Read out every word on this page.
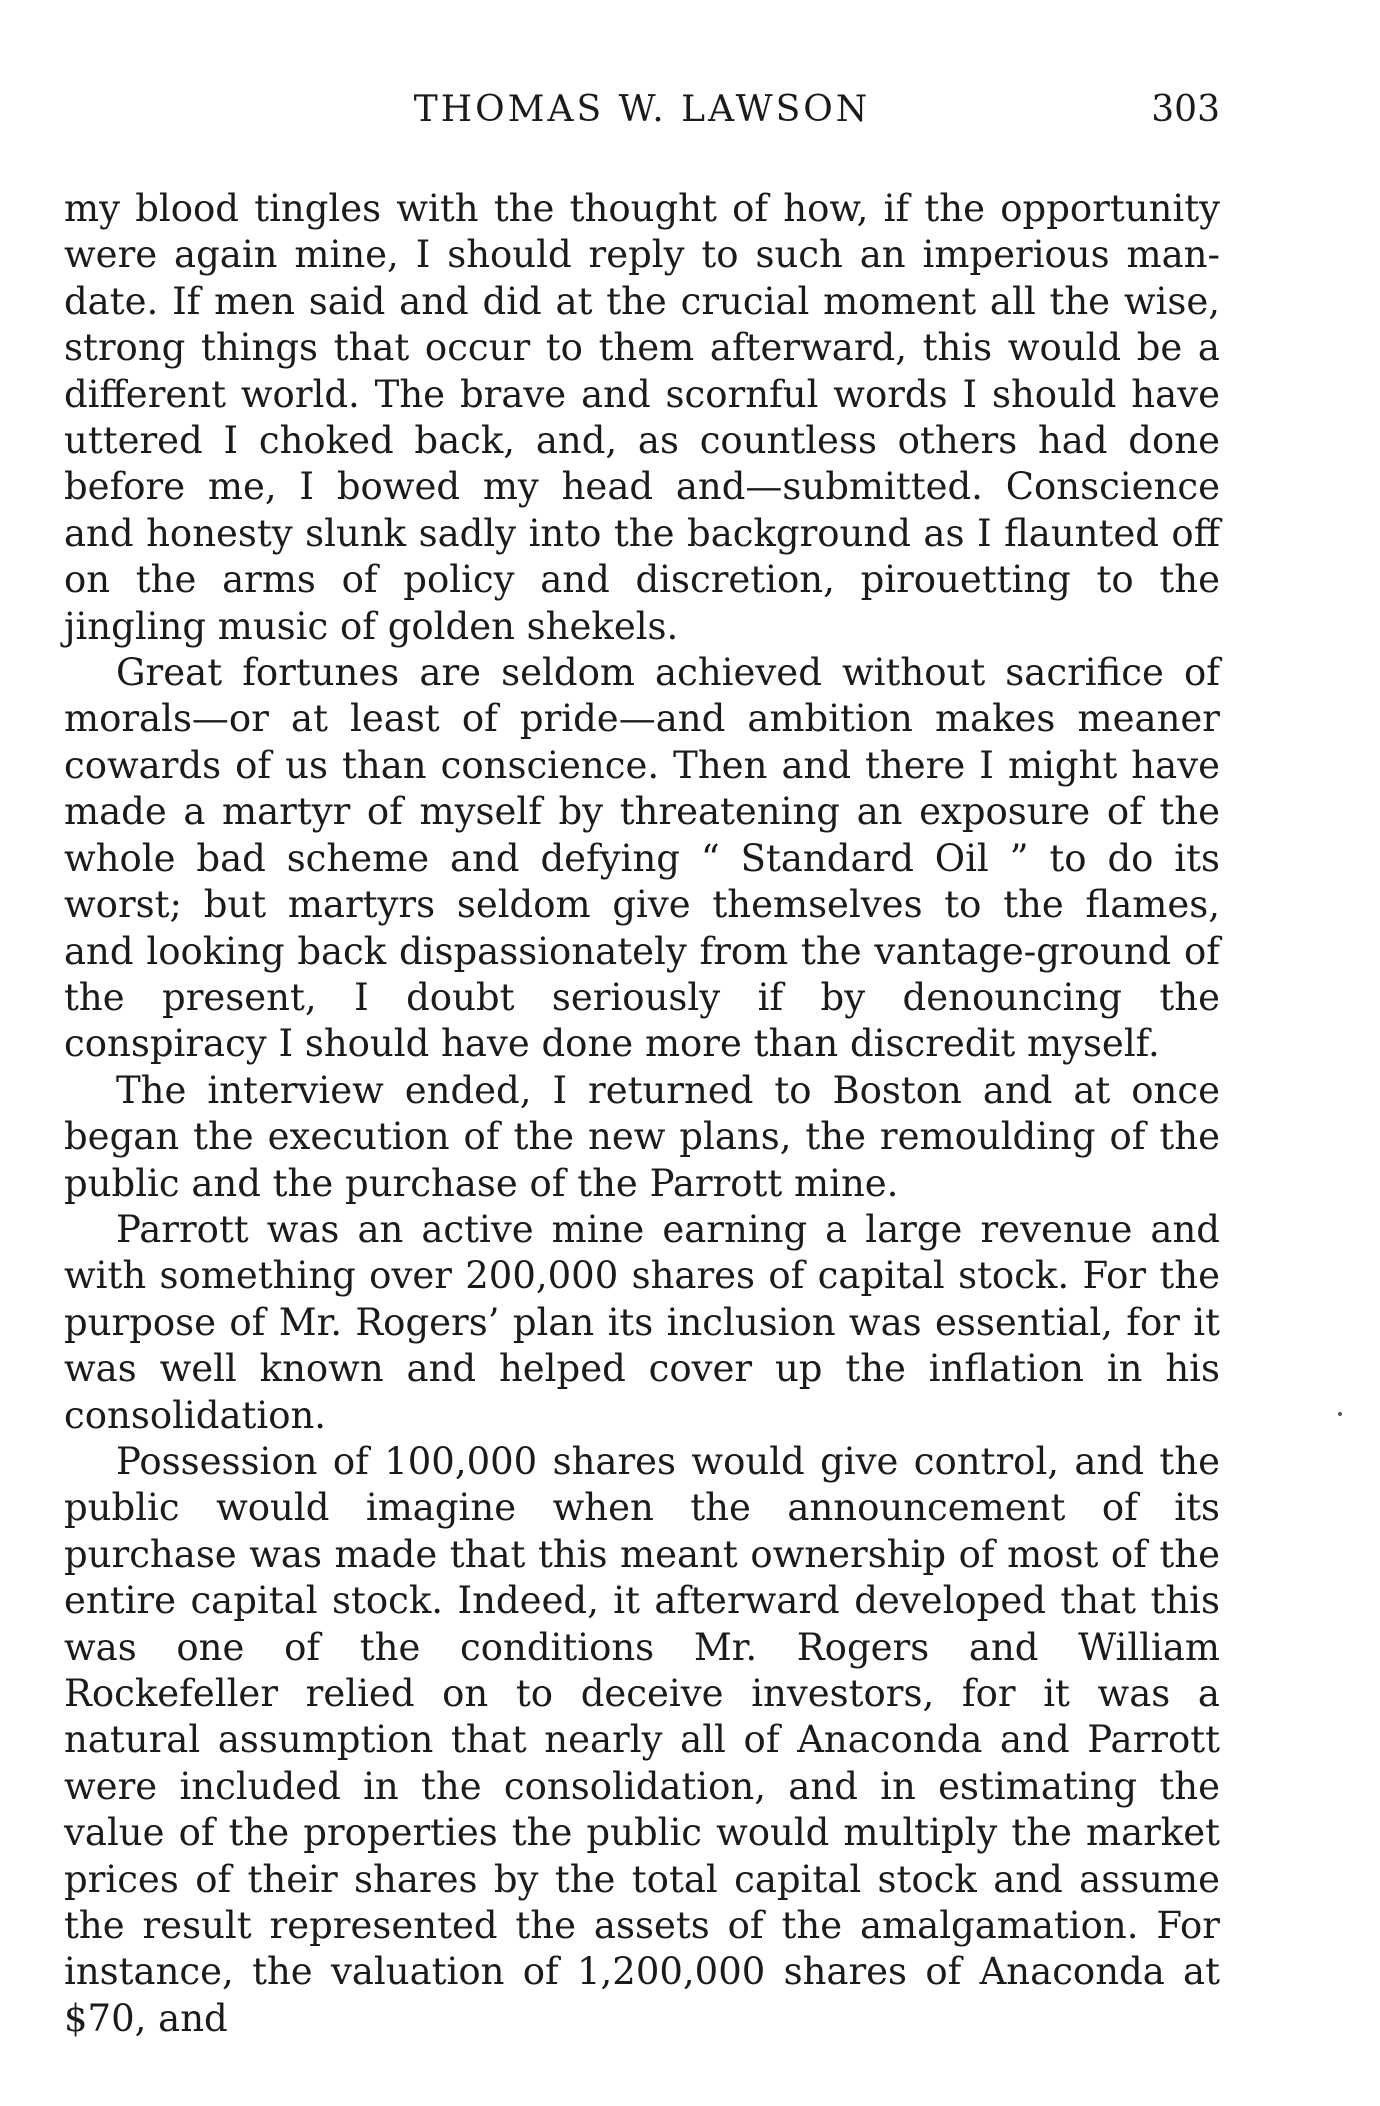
THOMAS W. LAWSON	303

my blood tingles with the thought of how, if the opportunity were again mine, I should reply to such an imperious mandate. If men said and did at the crucial moment all the wise, strong things that occur to them afterward, this would be a different world. The brave and scornful words I should have uttered I choked back, and, as countless others had done before me, I bowed my head and—submitted. Conscience and honesty slunk sadly into the background as I flaunted off on the arms of policy and discretion, pirouetting to the jingling music of golden shekels.

Great fortunes are seldom achieved without sacrifice of morals—or at least of pride—and ambition makes meaner cowards of us than conscience. Then and there I might have made a martyr of myself by threatening an exposure of the whole bad scheme and defying “ Standard Oil ” to do its worst; but martyrs seldom give themselves to the flames, and looking back dispassionately from the vantage-ground of the present, I doubt seriously if by denouncing the conspiracy I should have done more than discredit myself.

The interview ended, I returned to Boston and at once began the execution of the new plans, the remoulding of the public and the purchase of the Parrott mine.

Parrott was an active mine earning a large revenue and with something over 200,000 shares of capital stock. For the purpose of Mr. Rogers’ plan its inclusion was essential, for it was well known and helped cover up the inflation in his consolidation.

Possession of 100,000 shares would give control, and the public would imagine when the announcement of its purchase was made that this meant ownership of most of the entire capital stock. Indeed, it afterward developed that this was one of the conditions Mr. Rogers and William Rockefeller relied on to deceive investors, for it was a natural assumption that nearly all of Anaconda and Parrott were included in the consolidation, and in estimating the value of the properties the public would multiply the market prices of their shares by the total capital stock and assume the result represented the assets of the amalgamation. For instance, the valuation of 1,200,000 shares of Anaconda at $70, and
